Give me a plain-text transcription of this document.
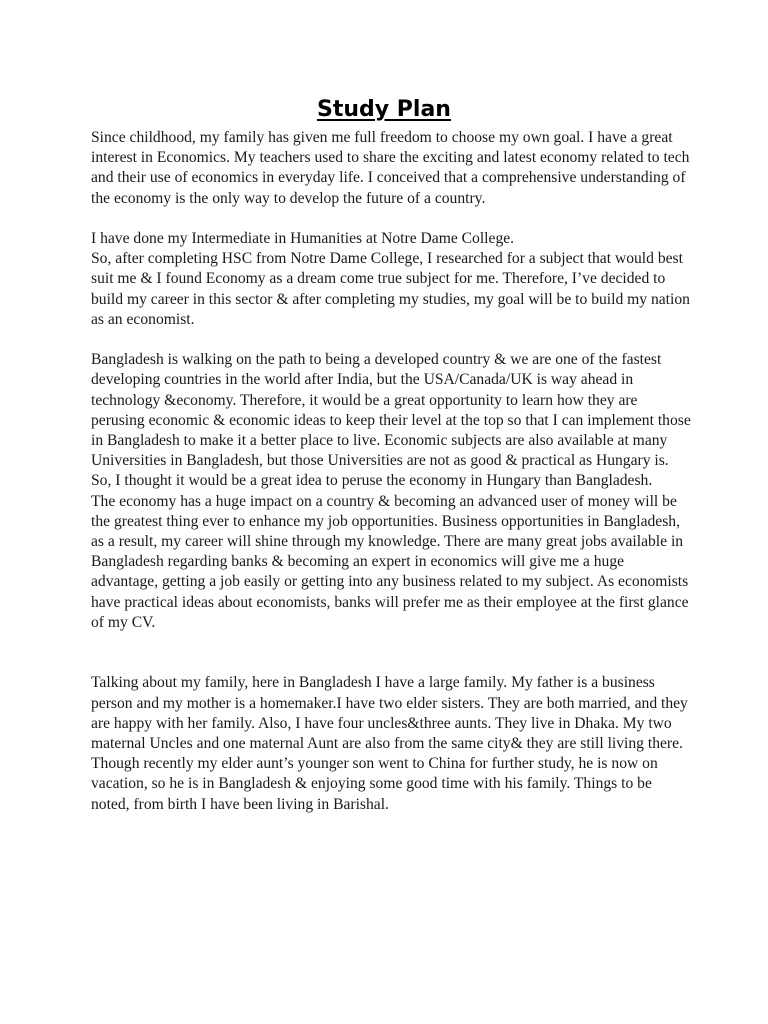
Study Plan

Since childhood, my family has given me full freedom to choose my own goal. I have a great interest in Economics. My teachers used to share the exciting and latest economy related to tech and their use of economics in everyday life. I conceived that a comprehensive understanding of the economy is the only way to develop the future of a country.

I have done my Intermediate in Humanities at Notre Dame College.

So, after completing HSC from Notre Dame College, I researched for a subject that would best suit me & I found Economy as a dream come true subject for me. Therefore, I’ve decided to build my career in this sector & after completing my studies, my goal will be to build my nation as an economist.

Bangladesh is walking on the path to being a developed country & we are one of the fastest developing countries in the world after India, but the USA/Canada/UK is way ahead in technology &economy. Therefore, it would be a great opportunity to learn how they are perusing economic & economic ideas to keep their level at the top so that I can implement those in Bangladesh to make it a better place to live. Economic subjects are also available at many Universities in Bangladesh, but those Universities are not as good & practical as Hungary is. So, I thought it would be a great idea to peruse the economy in Hungary than Bangladesh.

The economy has a huge impact on a country & becoming an advanced user of money will be the greatest thing ever to enhance my job opportunities. Business opportunities in Bangladesh, as a result, my career will shine through my knowledge. There are many great jobs available in Bangladesh regarding banks & becoming an expert in economics will give me a huge advantage, getting a job easily or getting into any business related to my subject. As economists have practical ideas about economists, banks will prefer me as their employee at the first glance of my CV.

Talking about my family, here in Bangladesh I have a large family. My father is a business person and my mother is a homemaker.I have two elder sisters. They are both married, and they are happy with her family. Also, I have four uncles&three aunts. They live in Dhaka. My two maternal Uncles and one maternal Aunt are also from the same city& they are still living there. Though recently my elder aunt’s younger son went to China for further study, he is now on vacation, so he is in Bangladesh & enjoying some good time with his family. Things to be noted, from birth I have been living in Barishal.
